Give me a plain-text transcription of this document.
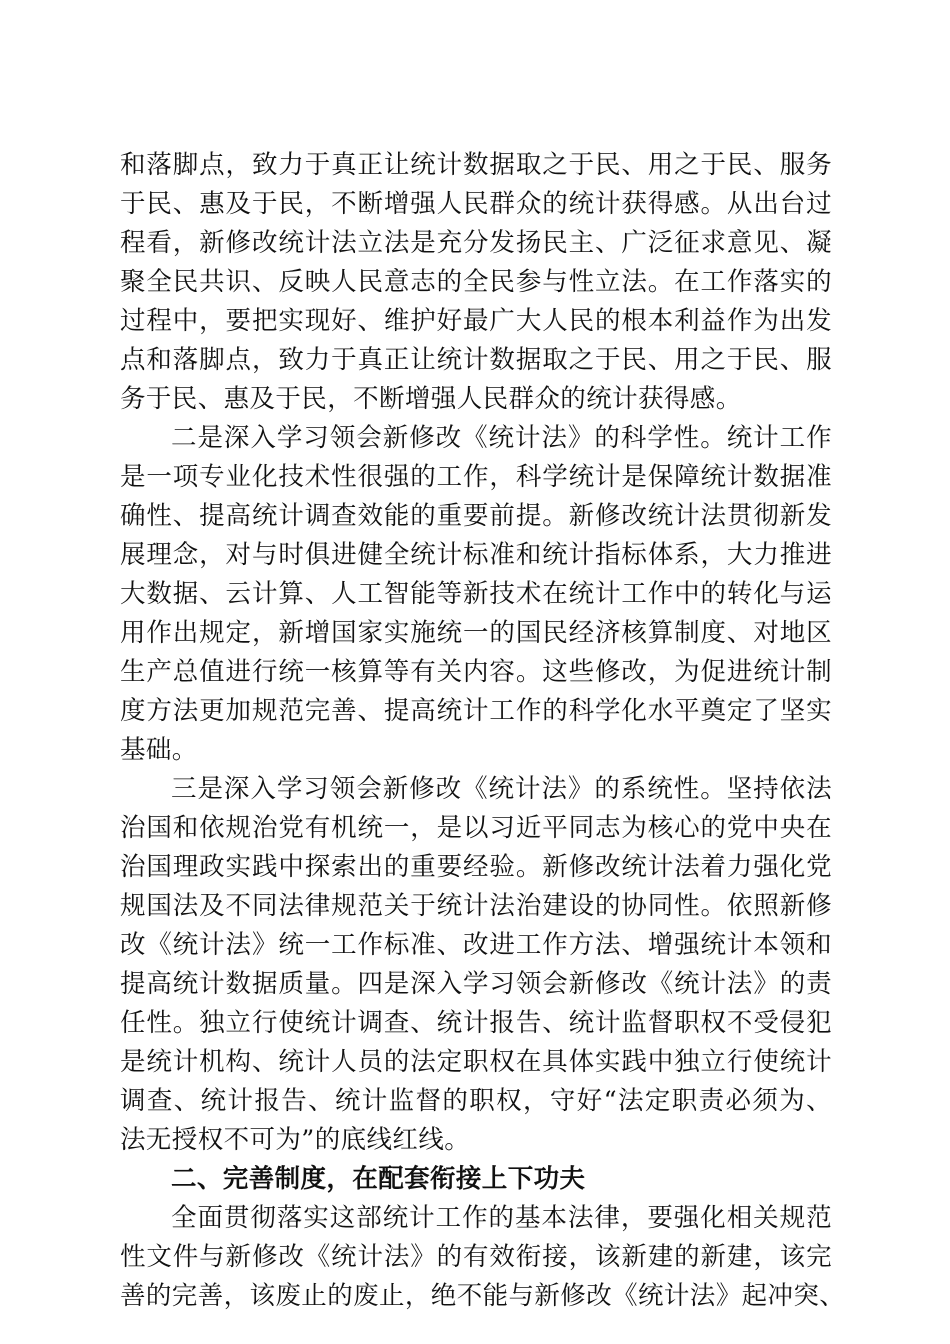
和落脚点，致力于真正让统计数据取之于民、用之于民、服务
于民、惠及于民，不断增强人民群众的统计获得感。从出台过
程看，新修改统计法立法是充分发扬民主、广泛征求意见、凝
聚全民共识、反映人民意志的全民参与性立法。在工作落实的
过程中，要把实现好、维护好最广大人民的根本利益作为出发
点和落脚点，致力于真正让统计数据取之于民、用之于民、服
务于民、惠及于民，不断增强人民群众的统计获得感。
二是深入学习领会新修改《统计法》的科学性。统计工作
是一项专业化技术性很强的工作，科学统计是保障统计数据准
确性、提高统计调查效能的重要前提。新修改统计法贯彻新发
展理念，对与时俱进健全统计标准和统计指标体系，大力推进
大数据、云计算、人工智能等新技术在统计工作中的转化与运
用作出规定，新增国家实施统一的国民经济核算制度、对地区
生产总值进行统一核算等有关内容。这些修改，为促进统计制
度方法更加规范完善、提高统计工作的科学化水平奠定了坚实
基础。
三是深入学习领会新修改《统计法》的系统性。坚持依法
治国和依规治党有机统一，是以习近平同志为核心的党中央在
治国理政实践中探索出的重要经验。新修改统计法着力强化党
规国法及不同法律规范关于统计法治建设的协同性。依照新修
改《统计法》统一工作标准、改进工作方法、增强统计本领和
提高统计数据质量。四是深入学习领会新修改《统计法》的责
任性。独立行使统计调查、统计报告、统计监督职权不受侵犯
是统计机构、统计人员的法定职权在具体实践中独立行使统计
调查、统计报告、统计监督的职权，守好“法定职责必须为、
法无授权不可为”的底线红线。
二、完善制度，在配套衔接上下功夫
全面贯彻落实这部统计工作的基本法律，要强化相关规范
性文件与新修改《统计法》的有效衔接，该新建的新建，该完
善的完善，该废止的废止，绝不能与新修改《统计法》起冲突、
